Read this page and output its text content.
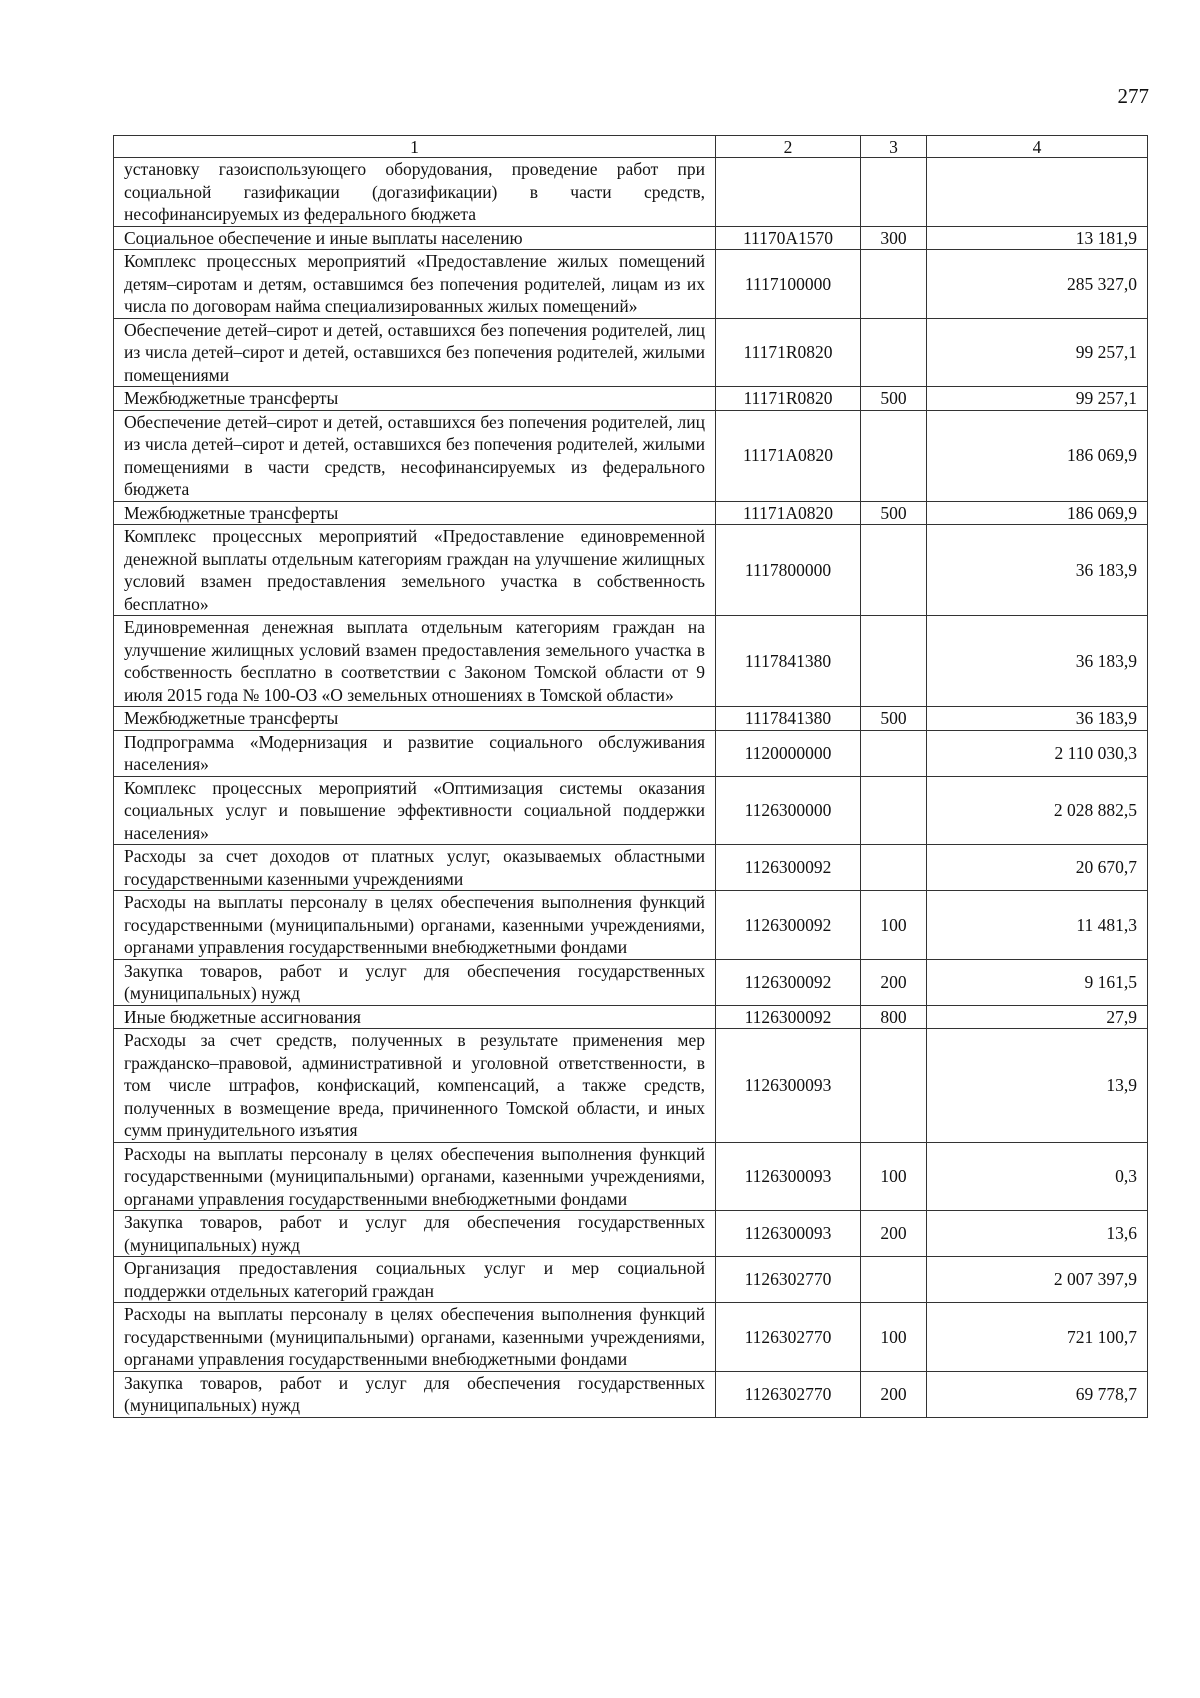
277
1	2	3	4
установку газоиспользующего оборудования, проведение работ при социальной газификации (догазификации) в части средств, несофинансируемых из федерального бюджета			
Социальное обеспечение и иные выплаты населению	11170А1570	300	13 181,9
Комплекс процессных мероприятий «Предоставление жилых помещений детям–сиротам и детям, оставшимся без попечения родителей, лицам из их числа по договорам найма специализированных жилых помещений»	1117100000		285 327,0
Обеспечение детей–сирот и детей, оставшихся без попечения родителей, лиц из числа детей–сирот и детей, оставшихся без попечения родителей, жилыми помещениями	11171R0820		99 257,1
Межбюджетные трансферты	11171R0820	500	99 257,1
Обеспечение детей–сирот и детей, оставшихся без попечения родителей, лиц из числа детей–сирот и детей, оставшихся без попечения родителей, жилыми помещениями в части средств, несофинансируемых из федерального бюджета	11171А0820		186 069,9
Межбюджетные трансферты	11171А0820	500	186 069,9
Комплекс процессных мероприятий «Предоставление единовременной денежной выплаты отдельным категориям граждан на улучшение жилищных условий взамен предоставления земельного участка в собственность бесплатно»	1117800000		36 183,9
Единовременная денежная выплата отдельным категориям граждан на улучшение жилищных условий взамен предоставления земельного участка в собственность бесплатно в соответствии с Законом Томской области от 9 июля 2015 года № 100-ОЗ «О земельных отношениях в Томской области»	1117841380		36 183,9
Межбюджетные трансферты	1117841380	500	36 183,9
Подпрограмма «Модернизация и развитие социального обслуживания населения»	1120000000		2 110 030,3
Комплекс процессных мероприятий «Оптимизация системы оказания социальных услуг и повышение эффективности социальной поддержки населения»	1126300000		2 028 882,5
Расходы за счет доходов от платных услуг, оказываемых областными государственными казенными учреждениями	1126300092		20 670,7
Расходы на выплаты персоналу в целях обеспечения выполнения функций государственными (муниципальными) органами, казенными учреждениями, органами управления государственными внебюджетными фондами	1126300092	100	11 481,3
Закупка товаров, работ и услуг для обеспечения государственных (муниципальных) нужд	1126300092	200	9 161,5
Иные бюджетные ассигнования	1126300092	800	27,9
Расходы за счет средств, полученных в результате применения мер гражданско–правовой, административной и уголовной ответственности, в том числе штрафов, конфискаций, компенсаций, а также средств, полученных в возмещение вреда, причиненного Томской области, и иных сумм принудительного изъятия	1126300093		13,9
Расходы на выплаты персоналу в целях обеспечения выполнения функций государственными (муниципальными) органами, казенными учреждениями, органами управления государственными внебюджетными фондами	1126300093	100	0,3
Закупка товаров, работ и услуг для обеспечения государственных (муниципальных) нужд	1126300093	200	13,6
Организация предоставления социальных услуг и мер социальной поддержки отдельных категорий граждан	1126302770		2 007 397,9
Расходы на выплаты персоналу в целях обеспечения выполнения функций государственными (муниципальными) органами, казенными учреждениями, органами управления государственными внебюджетными фондами	1126302770	100	721 100,7
Закупка товаров, работ и услуг для обеспечения государственных (муниципальных) нужд	1126302770	200	69 778,7
